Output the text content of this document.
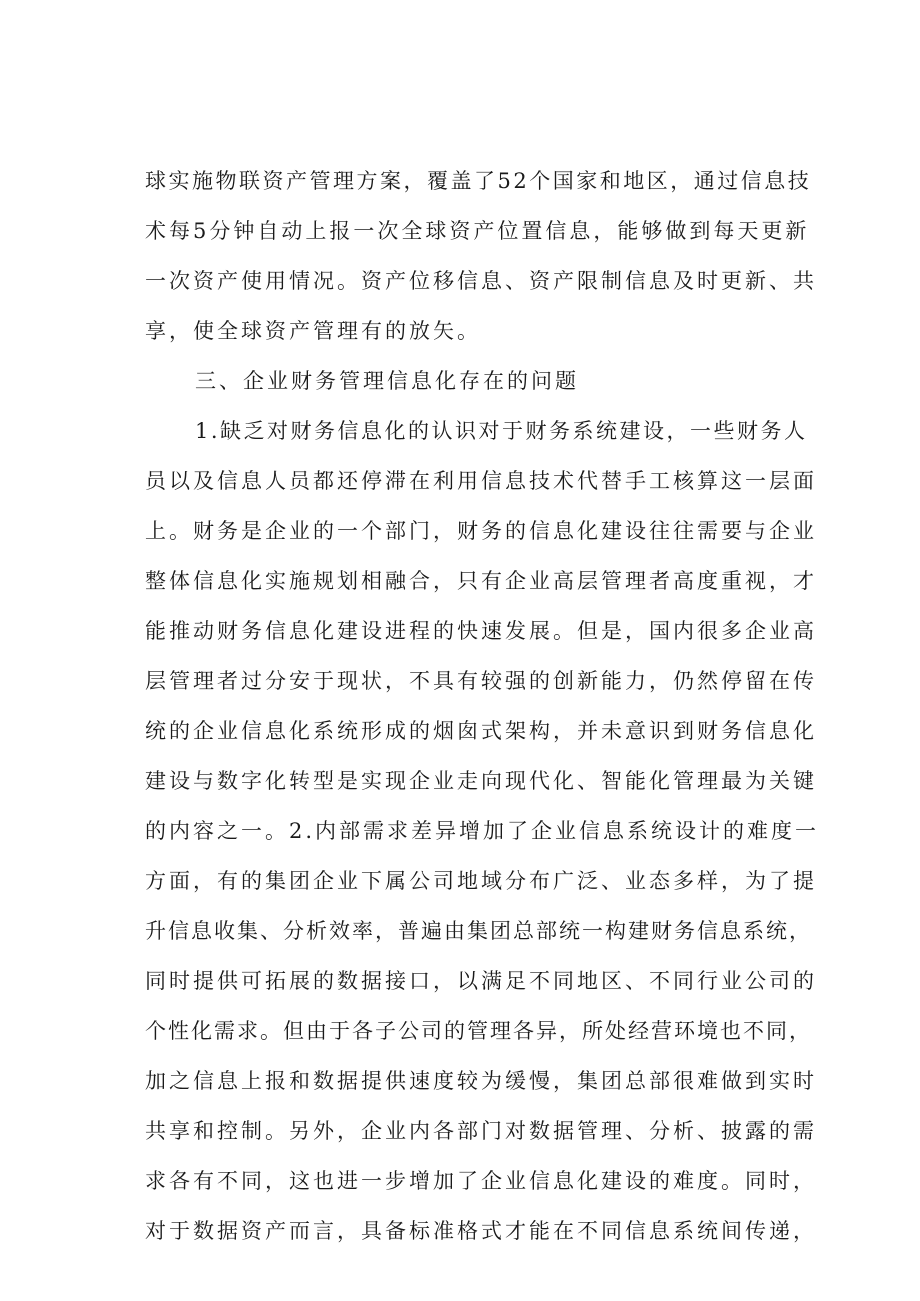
球实施物联资产管理方案，覆盖了52个国家和地区，通过信息技
术每5分钟自动上报一次全球资产位置信息，能够做到每天更新
一次资产使用情况。资产位移信息、资产限制信息及时更新、共
享，使全球资产管理有的放矢。
三、企业财务管理信息化存在的问题
1.缺乏对财务信息化的认识对于财务系统建设，一些财务人
员以及信息人员都还停滞在利用信息技术代替手工核算这一层面
上。财务是企业的一个部门，财务的信息化建设往往需要与企业
整体信息化实施规划相融合，只有企业高层管理者高度重视，才
能推动财务信息化建设进程的快速发展。但是，国内很多企业高
层管理者过分安于现状，不具有较强的创新能力，仍然停留在传
统的企业信息化系统形成的烟囱式架构，并未意识到财务信息化
建设与数字化转型是实现企业走向现代化、智能化管理最为关键
的内容之一。2.内部需求差异增加了企业信息系统设计的难度一
方面，有的集团企业下属公司地域分布广泛、业态多样，为了提
升信息收集、分析效率，普遍由集团总部统一构建财务信息系统，
同时提供可拓展的数据接口，以满足不同地区、不同行业公司的
个性化需求。但由于各子公司的管理各异，所处经营环境也不同，
加之信息上报和数据提供速度较为缓慢，集团总部很难做到实时
共享和控制。另外，企业内各部门对数据管理、分析、披露的需
求各有不同，这也进一步增加了企业信息化建设的难度。同时，
对于数据资产而言，具备标准格式才能在不同信息系统间传递，
